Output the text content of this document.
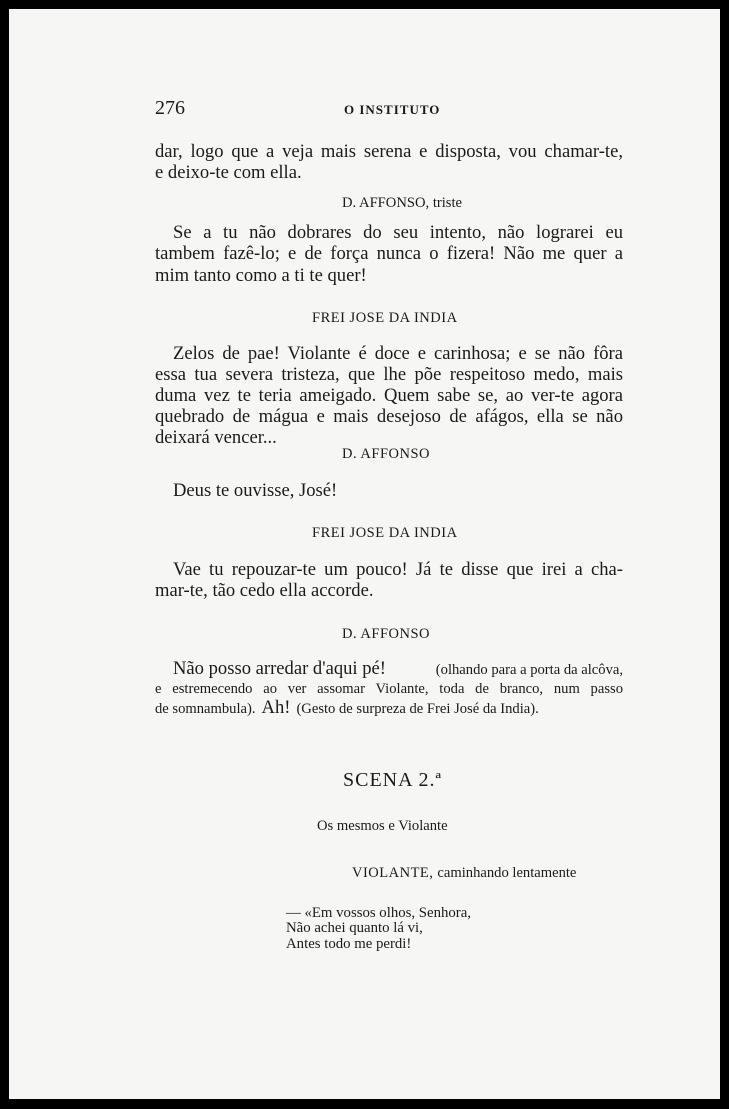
276	O INSTITUTO
dar, logo que a veja mais serena e disposta, vou chamar-te,
e deixo-te com ella.
D. AFFONSO, triste
Se a tu não dobrares do seu intento, não lograrei eu
tambem fazê-lo; e de força nunca o fizera! Não me quer a
mim tanto como a ti te quer!
FREI JOSE DA INDIA
Zelos de pae! Violante é doce e carinhosa; e se não fôra
essa tua severa tristeza, que lhe põe respeitoso medo, mais
duma vez te teria ameigado. Quem sabe se, ao ver-te agora
quebrado de mágua e mais desejoso de afágos, ella se não
deixará vencer...
D. AFFONSO
Deus te ouvisse, José!
FREI JOSE DA INDIA
Vae tu repouzar-te um pouco! Já te disse que irei a cha-
mar-te, tão cedo ella accorde.
D. AFFONSO
Não posso arredar d'aqui pé!	(olhando para a porta da alcôva,
e estremecendo ao ver assomar Violante, toda de branco, num passo
de somnambula). Ah! (Gesto de surpreza de Frei José da India).
SCENA 2.ª
Os mesmos e Violante
VIOLANTE, caminhando lentamente
— «Em vossos olhos, Senhora,
Não achei quanto lá vi,
Antes todo me perdi!
